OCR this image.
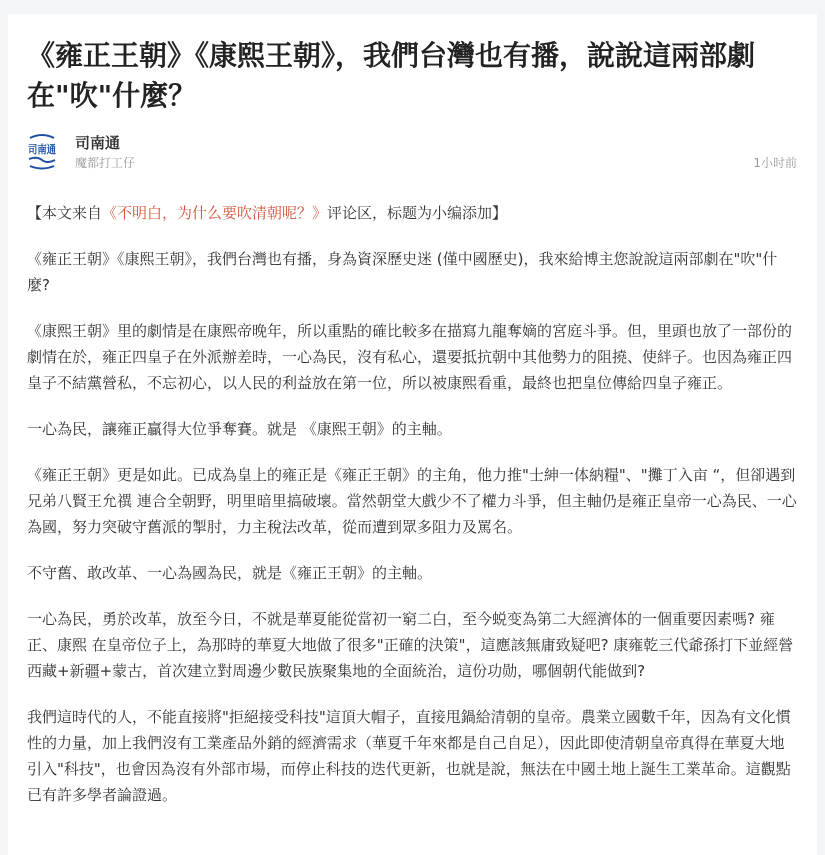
《雍正王朝》《康熙王朝》，我們台灣也有播，說說這兩部劇在"吹"什麼？
司南通 司南通
魔都打工仔	1小时前

【本文来自《不明白，为什么要吹清朝呢？》评论区，标题为小编添加】

《雍正王朝》《康熙王朝》，我們台灣也有播，身為資深歷史迷 (僅中國歷史)，我來給博主您說說這兩部劇在"吹"什麼?

《康熙王朝》里的劇情是在康熙帝晚年，所以重點的確比較多在描寫九龍奪嫡的宮庭斗爭。但，里頭也放了一部份的劇情在於，雍正四皇子在外派辦差時，一心為民，沒有私心，還要抵抗朝中其他勢力的阻撓、使絆子。也因為雍正四皇子不結黨營私，不忘初心，以人民的利益放在第一位，所以被康熙看重，最終也把皇位傳給四皇子雍正。

一心為民，讓雍正贏得大位爭奪賽。就是 《康熙王朝》的主軸。

《雍正王朝》更是如此。已成為皇上的雍正是《雍正王朝》的主角，他力推"士紳一体納糧"、"攤丁入亩 “，但卻遇到兄弟八賢王允禩 連合全朝野，明里暗里搞破壞。當然朝堂大戲少不了權力斗爭，但主軸仍是雍正皇帝一心為民、一心為國，努力突破守舊派的掣肘，力主稅法改革，從而遭到眾多阻力及罵名。

不守舊、敢改革、一心為國為民，就是《雍正王朝》的主軸。

一心為民，勇於改革，放至今日，不就是華夏能從當初一窮二白，至今蜕变為第二大經濟体的一個重要因素嗎? 雍正、康熙 在皇帝位子上，為那時的華夏大地做了很多"正確的決策"，這應該無庸致疑吧? 康雍乾三代爺孫打下並經營 西藏+新疆+蒙古，首次建立對周邊少數民族聚集地的全面統治，這份功勋，哪個朝代能做到?

我們這時代的人，不能直接將"拒絕接受科技"這頂大帽子，直接甩鍋給清朝的皇帝。農業立國數千年，因為有文化慣性的力量，加上我們沒有工業產品外銷的經濟需求（華夏千年來都是自己自足），因此即使清朝皇帝真得在華夏大地引入"科技"，也會因為沒有外部市場，而停止科技的迭代更新，也就是說，無法在中國土地上誕生工業革命。這觀點已有許多學者論證過。
